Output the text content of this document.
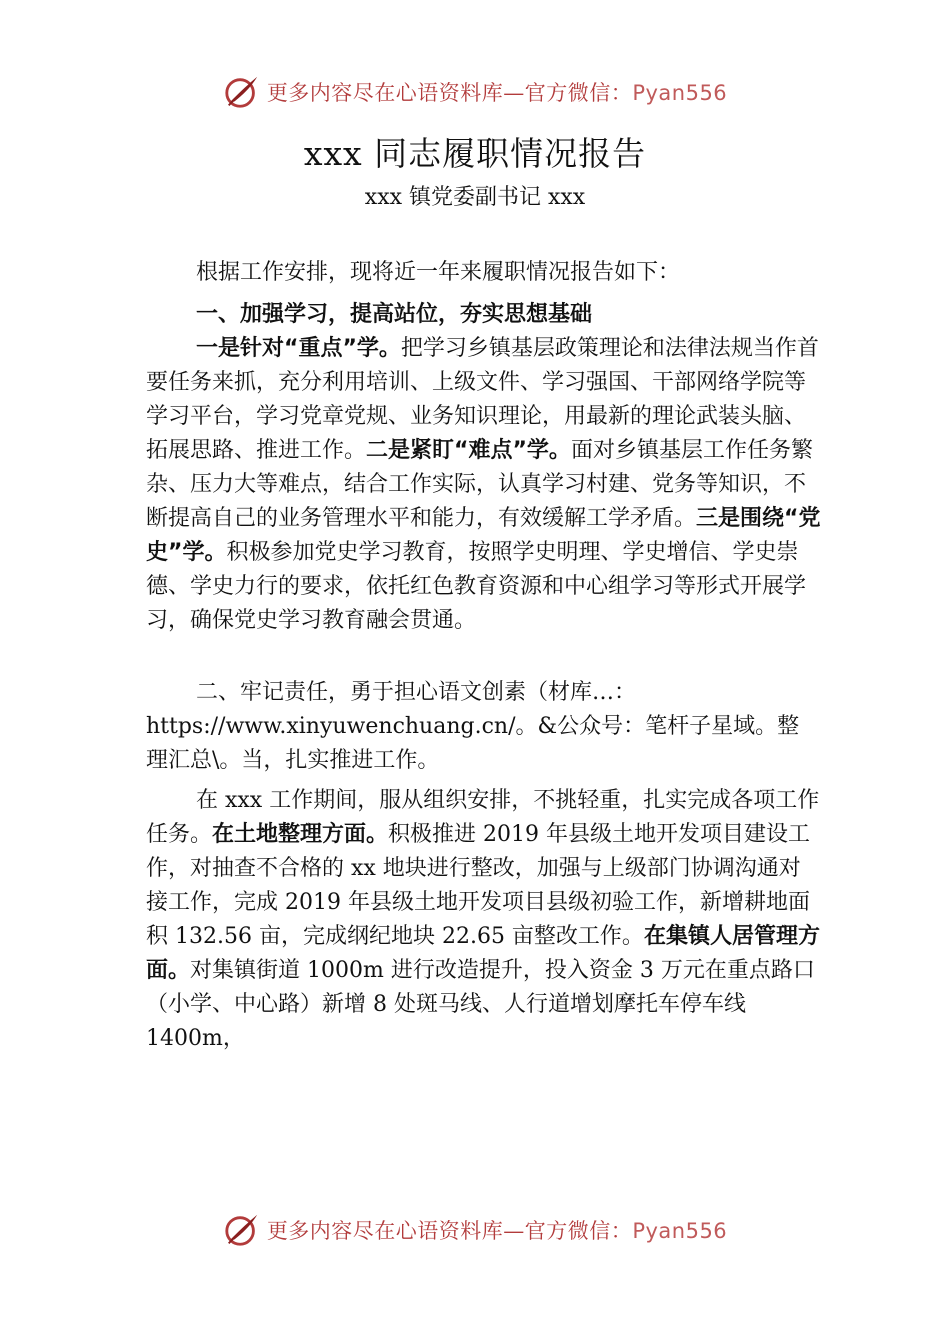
更多内容尽在心语资料库—官方微信：Pyan556
xxx 同志履职情况报告
xxx 镇党委副书记 xxx
根据工作安排，现将近一年来履职情况报告如下：
一、加强学习，提高站位，夯实思想基础
一是针对“重点”学。把学习乡镇基层政策理论和法律法规当作首要任务来抓，充分利用培训、上级文件、学习强国、干部网络学院等学习平台，学习党章党规、业务知识理论，用最新的理论武装头脑、拓展思路、推进工作。二是紧盯“难点”学。面对乡镇基层工作任务繁杂、压力大等难点，结合工作实际，认真学习村建、党务等知识，不断提高自己的业务管理水平和能力，有效缓解工学矛盾。三是围绕“党史”学。积极参加党史学习教育，按照学史明理、学史增信、学史崇德、学史力行的要求，依托红色教育资源和中心组学习等形式开展学习，确保党史学习教育融会贯通。
二、牢记责任，勇于担心语文创素（材库…：https://www.xinyuwenchuang.cn/。&公众号：笔杆子星域。整理汇总\。当，扎实推进工作。
在 xxx 工作期间，服从组织安排，不挑轻重，扎实完成各项工作任务。在土地整理方面。积极推进 2019 年县级土地开发项目建设工作，对抽查不合格的 xx 地块进行整改，加强与上级部门协调沟通对接工作，完成 2019 年县级土地开发项目县级初验工作，新增耕地面积 132.56 亩，完成纲纪地块 22.65 亩整改工作。在集镇人居管理方面。对集镇街道 1000m 进行改造提升，投入资金 3 万元在重点路口（小学、中心路）新增 8 处斑马线、人行道增划摩托车停车线 1400m，
更多内容尽在心语资料库—官方微信：Pyan556
